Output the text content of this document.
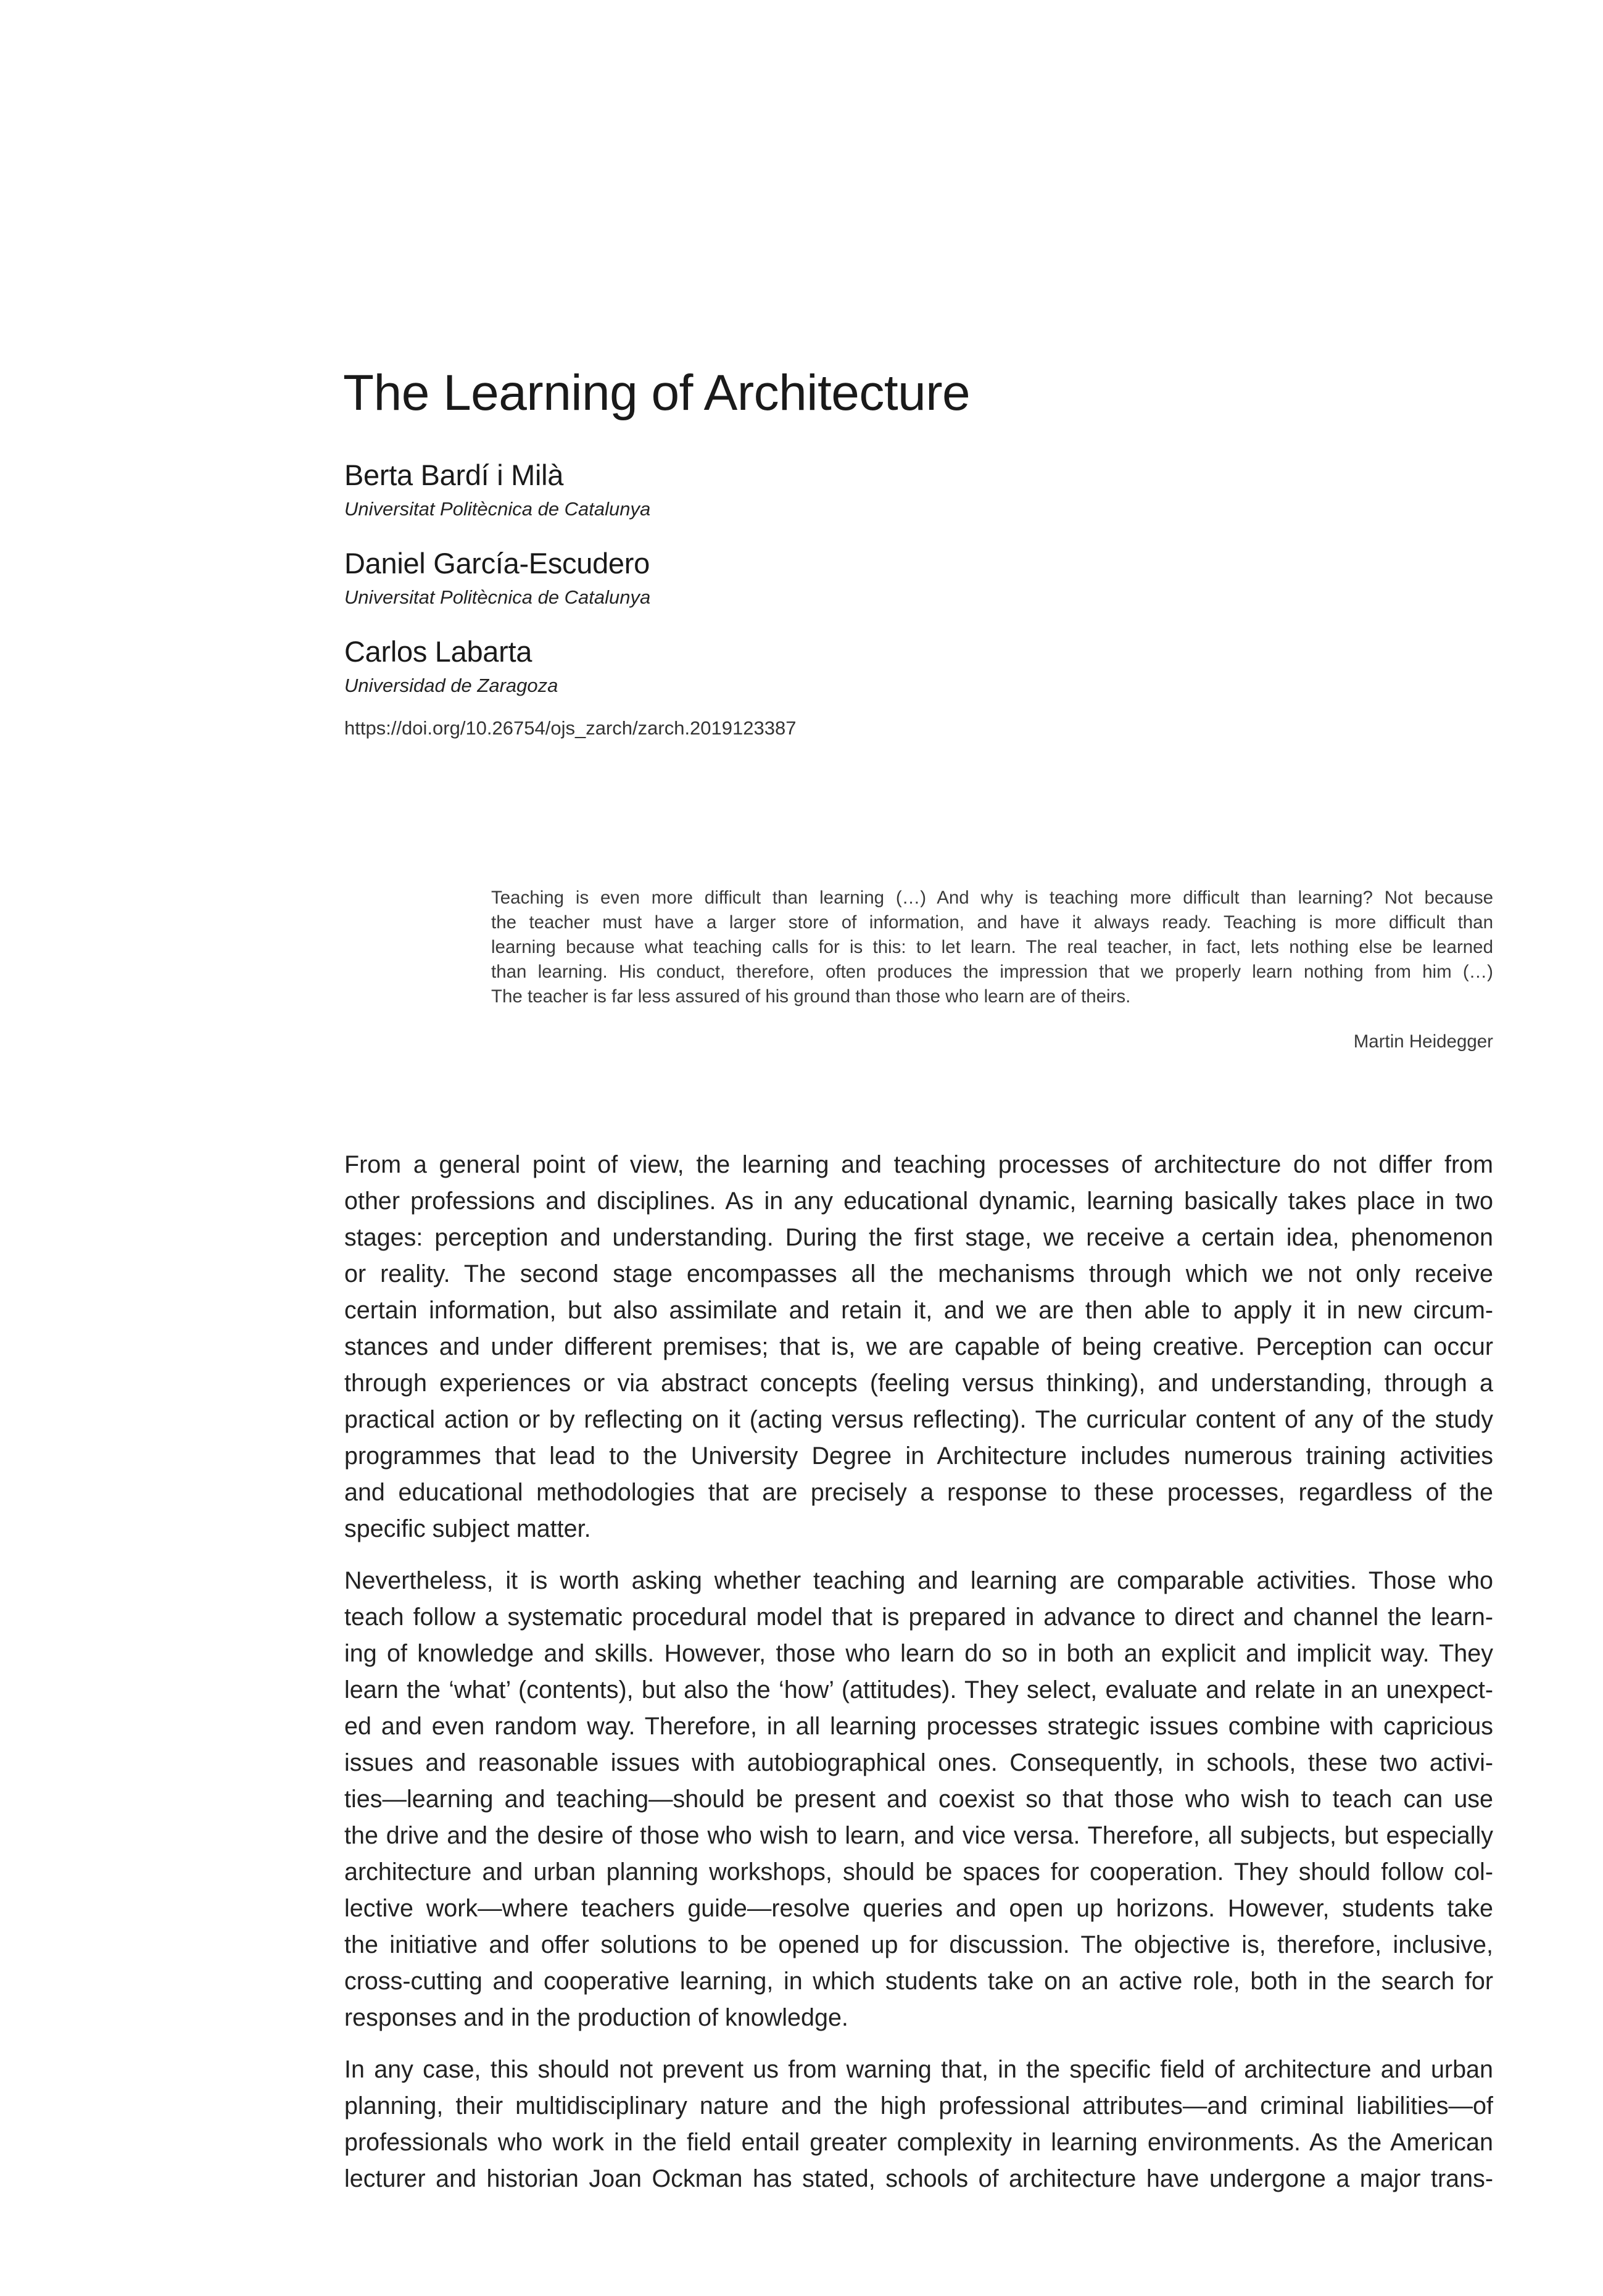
The Learning of Architecture
Berta Bardí i Milà
Universitat Politècnica de Catalunya
Daniel García-Escudero
Universitat Politècnica de Catalunya
Carlos Labarta
Universidad de Zaragoza
https://doi.org/10.26754/ojs_zarch/zarch.2019123387
Teaching is even more difficult than learning (…) And why is teaching more difficult than learning? Not because
the teacher must have a larger store of information, and have it always ready. Teaching is more difficult than
learning because what teaching calls for is this: to let learn. The real teacher, in fact, lets nothing else be learned
than learning. His conduct, therefore, often produces the impression that we properly learn nothing from him (…)
The teacher is far less assured of his ground than those who learn are of theirs.
Martin Heidegger
From a general point of view, the learning and teaching processes of architecture do not differ from
other professions and disciplines. As in any educational dynamic, learning basically takes place in two
stages: perception and understanding. During the first stage, we receive a certain idea, phenomenon
or reality. The second stage encompasses all the mechanisms through which we not only receive
certain information, but also assimilate and retain it, and we are then able to apply it in new circum-
stances and under different premises; that is, we are capable of being creative. Perception can occur
through experiences or via abstract concepts (feeling versus thinking), and understanding, through a
practical action or by reflecting on it (acting versus reflecting). The curricular content of any of the study
programmes that lead to the University Degree in Architecture includes numerous training activities
and educational methodologies that are precisely a response to these processes, regardless of the
specific subject matter.
Nevertheless, it is worth asking whether teaching and learning are comparable activities. Those who
teach follow a systematic procedural model that is prepared in advance to direct and channel the learn-
ing of knowledge and skills. However, those who learn do so in both an explicit and implicit way. They
learn the ‘what’ (contents), but also the ‘how’ (attitudes). They select, evaluate and relate in an unexpect-
ed and even random way. Therefore, in all learning processes strategic issues combine with capricious
issues and reasonable issues with autobiographical ones. Consequently, in schools, these two activi-
ties—learning and teaching—should be present and coexist so that those who wish to teach can use
the drive and the desire of those who wish to learn, and vice versa. Therefore, all subjects, but especially
architecture and urban planning workshops, should be spaces for cooperation. They should follow col-
lective work—where teachers guide—resolve queries and open up horizons. However, students take
the initiative and offer solutions to be opened up for discussion. The objective is, therefore, inclusive,
cross-cutting and cooperative learning, in which students take on an active role, both in the search for
responses and in the production of knowledge.
In any case, this should not prevent us from warning that, in the specific field of architecture and urban
planning, their multidisciplinary nature and the high professional attributes—and criminal liabilities—of
professionals who work in the field entail greater complexity in learning environments. As the American
lecturer and historian Joan Ockman has stated, schools of architecture have undergone a major trans-
